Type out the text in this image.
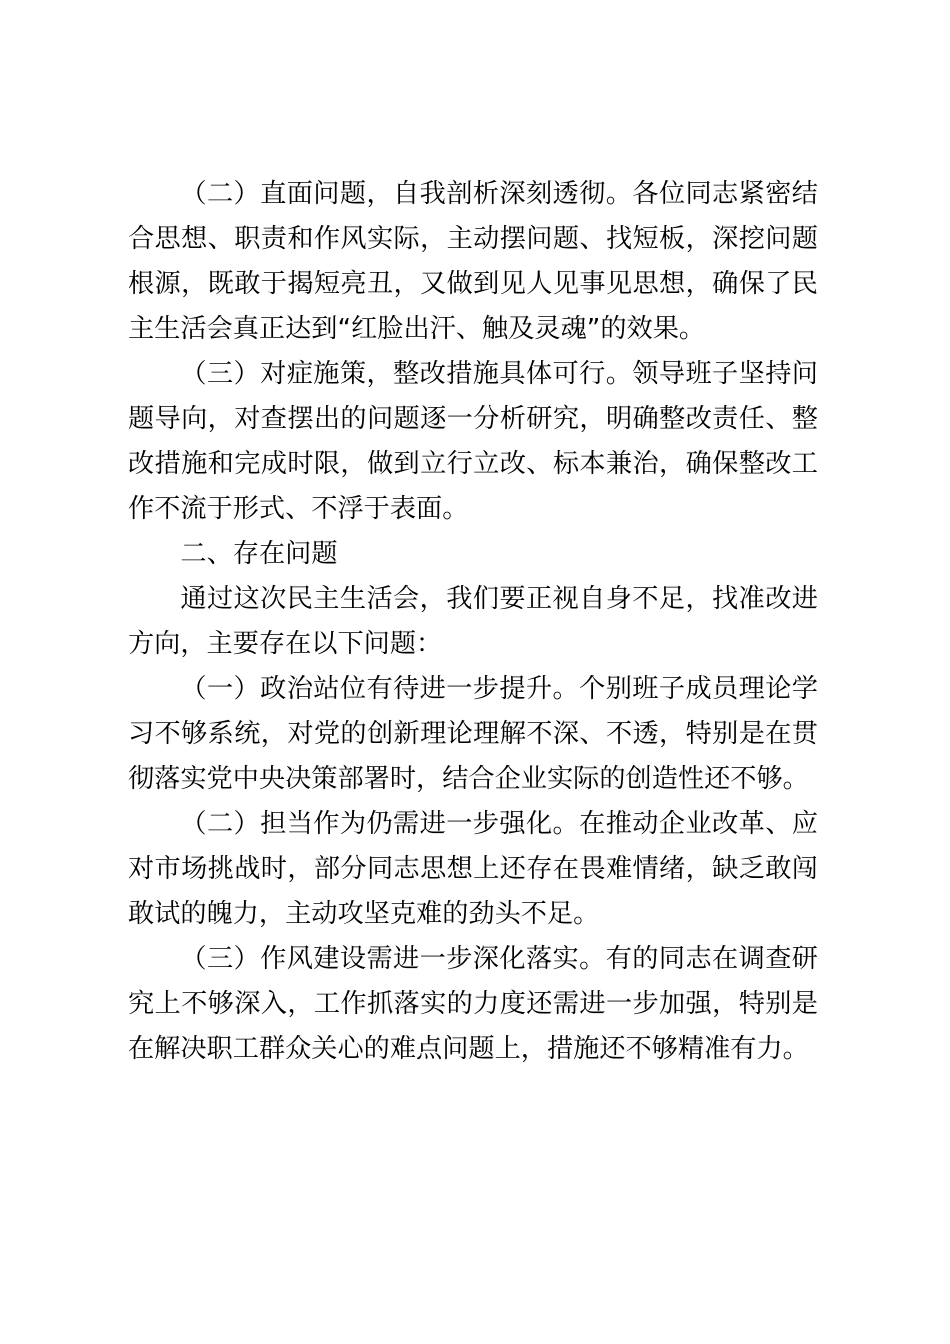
（二）直面问题，自我剖析深刻透彻。各位同志紧密结合思想、职责和作风实际，主动摆问题、找短板，深挖问题根源，既敢于揭短亮丑，又做到见人见事见思想，确保了民主生活会真正达到“红脸出汗、触及灵魂”的效果。

（三）对症施策，整改措施具体可行。领导班子坚持问题导向，对查摆出的问题逐一分析研究，明确整改责任、整改措施和完成时限，做到立行立改、标本兼治，确保整改工作不流于形式、不浮于表面。

二、存在问题

通过这次民主生活会，我们要正视自身不足，找准改进方向，主要存在以下问题：

（一）政治站位有待进一步提升。个别班子成员理论学习不够系统，对党的创新理论理解不深、不透，特别是在贯彻落实党中央决策部署时，结合企业实际的创造性还不够。

（二）担当作为仍需进一步强化。在推动企业改革、应对市场挑战时，部分同志思想上还存在畏难情绪，缺乏敢闯敢试的魄力，主动攻坚克难的劲头不足。

（三）作风建设需进一步深化落实。有的同志在调查研究上不够深入，工作抓落实的力度还需进一步加强，特别是在解决职工群众关心的难点问题上，措施还不够精准有力。
